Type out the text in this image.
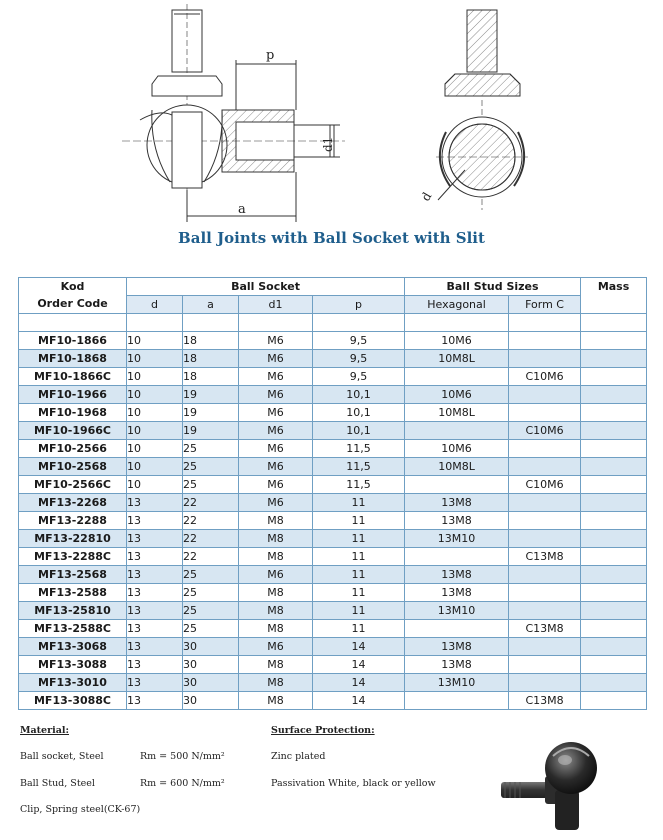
p
a
d1
d
Ball Joints with Ball Socket with Slit
Kod
Order Code	Ball Socket				Ball Stud Sizes		Mass
	d	a	d1	p	Hexagonal	Form C	

MF10-1866	10	18	M6	9,5	10M6		
MF10-1868	10	18	M6	9,5	10M8L		
MF10-1866C	10	18	M6	9,5		C10M6	
MF10-1966	10	19	M6	10,1	10M6		
MF10-1968	10	19	M6	10,1	10M8L		
MF10-1966C	10	19	M6	10,1		C10M6	
MF10-2566	10	25	M6	11,5	10M6		
MF10-2568	10	25	M6	11,5	10M8L		
MF10-2566C	10	25	M6	11,5		C10M6	
MF13-2268	13	22	M6	11	13M8		
MF13-2288	13	22	M8	11	13M8		
MF13-22810	13	22	M8	11	13M10		
MF13-2288C	13	22	M8	11		C13M8	
MF13-2568	13	25	M6	11	13M8		
MF13-2588	13	25	M8	11	13M8		
MF13-25810	13	25	M8	11	13M10		
MF13-2588C	13	25	M8	11		C13M8	
MF13-3068	13	30	M6	14	13M8		
MF13-3088	13	30	M8	14	13M8		
MF13-3010	13	30	M8	14	13M10		
MF13-3088C	13	30	M8	14		C13M8	
Material:	Surface Protection:
Ball socket, Steel	Rm = 500 N/mm²	Zinc plated
Ball Stud, Steel	Rm = 600 N/mm²	Passivation White, black or yellow
Clip, Spring steel(CK-67)
